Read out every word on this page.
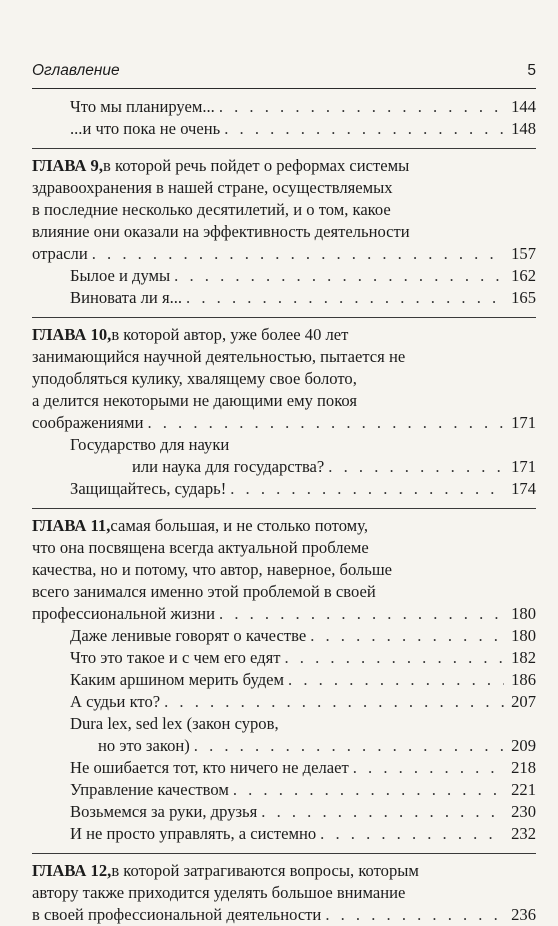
Оглавление	5
Что мы планируем... . . .	144
...и что пока не очень . . .	148
ГЛАВА 9, в которой речь пойдет о реформах системы
здравоохранения в нашей стране, осуществляемых
в последние несколько десятилетий, и о том, какое
влияние они оказали на эффективность деятельности
отрасли . . .	157
Былое и думы . . .	162
Виновата ли я... . . .	165
ГЛАВА 10, в которой автор, уже более 40 лет
занимающийся научной деятельностью, пытается не
уподобляться кулику, хвалящему свое болото,
а делится некоторыми не дающими ему покоя
соображениями . . .	171
Государство для науки
или наука для государства? . . .	171
Защищайтесь, сударь! . . .	174
ГЛАВА 11, самая большая, и не столько потому,
что она посвящена всегда актуальной проблеме
качества, но и потому, что автор, наверное, больше
всего занимался именно этой проблемой в своей
профессиональной жизни . . .	180
Даже ленивые говорят о качестве . . .	180
Что это такое и с чем его едят . . .	182
Каким аршином мерить будем . . .	186
А судьи кто? . . .	207
Dura lex, sed lex (закон суров,
но это закон) . . .	209
Не ошибается тот, кто ничего не делает . . .	218
Управление качеством . . .	221
Возьмемся за руки, друзья . . .	230
И не просто управлять, а системно . . .	232
ГЛАВА 12, в которой затрагиваются вопросы, которым
автору также приходится уделять большое внимание
в своей профессиональной деятельности . . .	236
